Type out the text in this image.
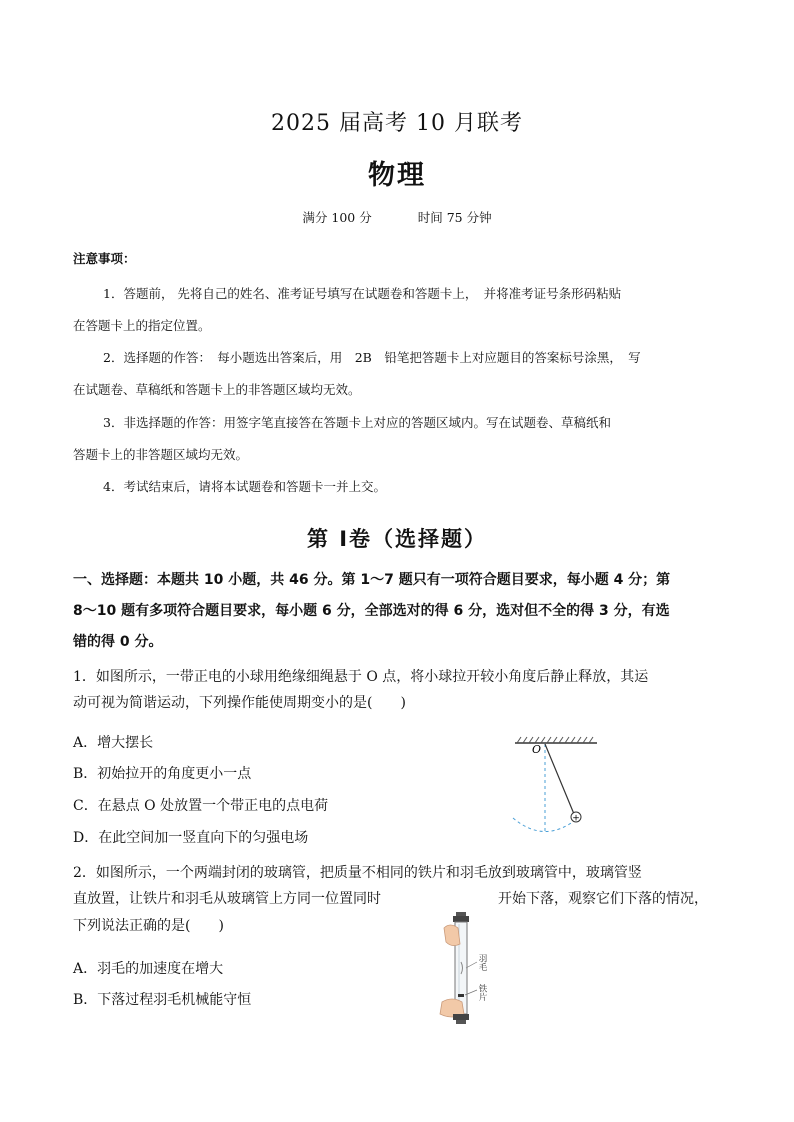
2025 届高考 10 月联考
物理
满分 100 分	时间 75 分钟
注意事项：
1．答题前， 先将自己的姓名、准考证号填写在试题卷和答题卡上，　并将准考证号条形码粘贴
在答题卡上的指定位置。
2．选择题的作答：　每小题选出答案后，用　2B　铅笔把答题卡上对应题目的答案标号涂黑，　写
在试题卷、草稿纸和答题卡上的非答题区域均无效。
3．非选择题的作答：用签字笔直接答在答题卡上对应的答题区域内。写在试题卷、草稿纸和
答题卡上的非答题区域均无效。
4．考试结束后，请将本试题卷和答题卡一并上交。
第 Ⅰ卷（选择题）
一、选择题：本题共 10 小题，共 46 分。第 1～7 题只有一项符合题目要求，每小题 4 分；第
8～10 题有多项符合题目要求，每小题 6 分，全部选对的得 6 分，选对但不全的得 3 分，有选
错的得 0 分。
1．如图所示，一带正电的小球用绝缘细绳悬于 O 点，将小球拉开较小角度后静止释放，其运
动可视为简谐运动，下列操作能使周期变小的是(　　)
A．增大摆长
B．初始拉开的角度更小一点
C．在悬点 O 处放置一个带正电的点电荷
D．在此空间加一竖直向下的匀强电场
O
+
2．如图所示，一个两端封闭的玻璃管，把质量不相同的铁片和羽毛放到玻璃管中，玻璃管竖
直放置，让铁片和羽毛从玻璃管上方同一位置同时	开始下落，观察它们下落的情况，
下列说法正确的是(　　)
A．羽毛的加速度在增大
B．下落过程羽毛机械能守恒
羽毛
铁片
